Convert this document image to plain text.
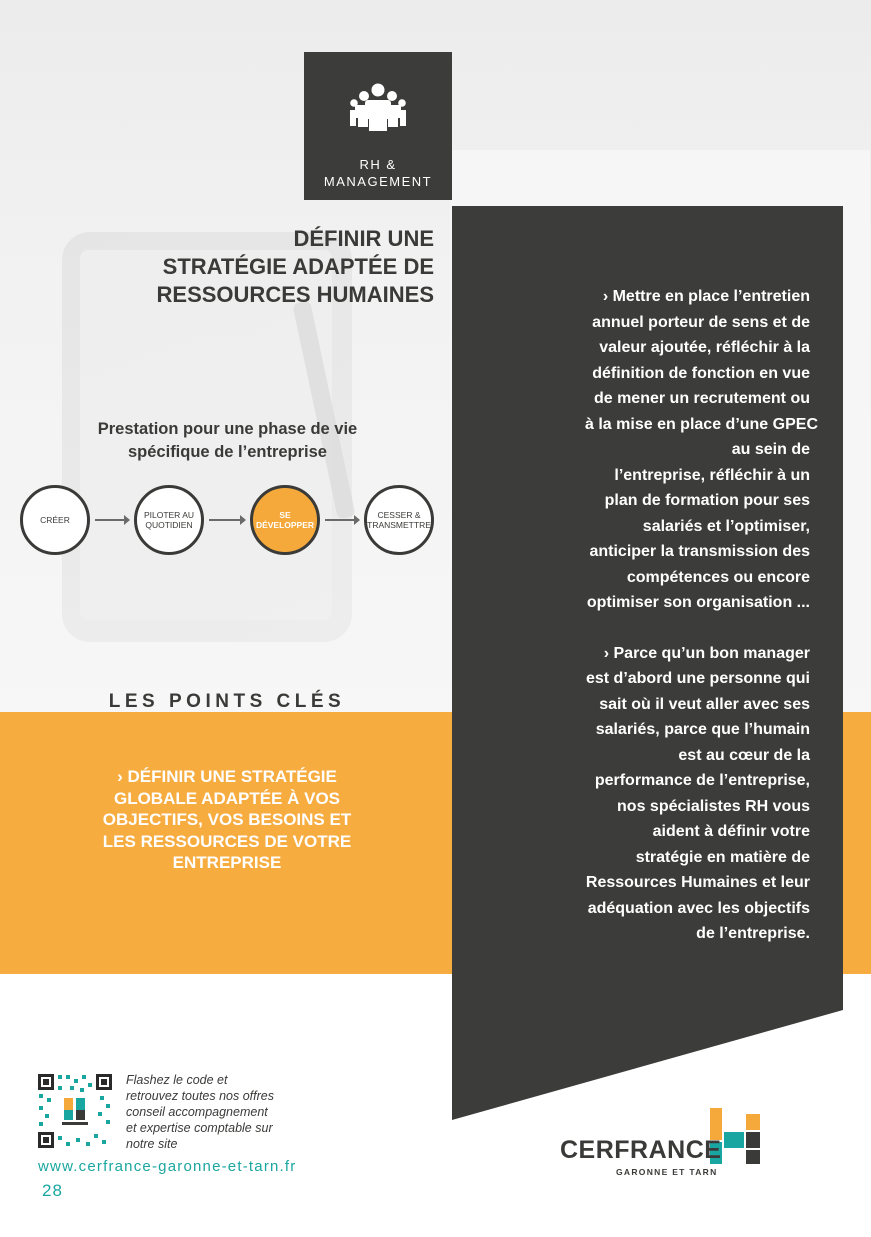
RH &
MANAGEMENT
DÉFINIR UNE
STRATÉGIE ADAPTÉE DE
RESSOURCES HUMAINES
Prestation pour une phase de vie
spécifique de l’entreprise
CRÉER	PILOTER AU
QUOTIDIEN
SE
DÉVELOPPER
CESSER &
TRANSMETTRE
LES POINTS CLÉS
› DÉFINIR UNE STRATÉGIE
GLOBALE ADAPTÉE À VOS
OBJECTIFS, VOS BESOINS ET
LES RESSOURCES DE VOTRE
ENTREPRISE

› Mettre en place l’entretien
annuel porteur de sens et de
valeur ajoutée, réfléchir à la
définition de fonction en vue
de mener un recrutement ou
à la mise en place d’une GPEC
au sein de
l’entreprise, réfléchir à un
plan de formation pour ses
salariés et l’optimiser,
anticiper la transmission des
compétences ou encore
optimiser son organisation ...

› Parce qu’un bon manager
est d’abord une personne qui
sait où il veut aller avec ses
salariés, parce que l’humain
est au cœur de la
performance de l’entreprise,
nos spécialistes RH vous
aident à définir votre
stratégie en matière de
Ressources Humaines et leur
adéquation avec les objectifs
de l’entreprise.

Flashez le code et
retrouvez toutes nos offres
conseil accompagnement
et expertise comptable sur
notre site
www.cerfrance-garonne-et-tarn.fr
28
CERFRANCE
GARONNE ET TARN
